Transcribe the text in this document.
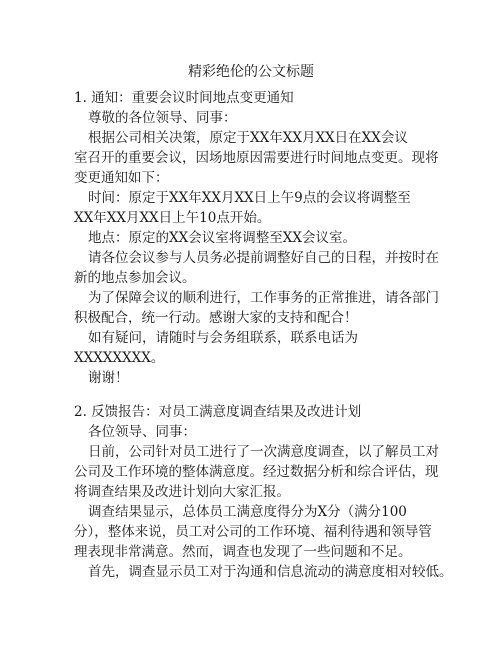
精彩绝伦的公文标题
1. 通知：重要会议时间地点变更通知
尊敬的各位领导、同事：
根据公司相关决策，原定于XX年XX月XX日在XX会议
室召开的重要会议，因场地原因需要进行时间地点变更。现将
变更通知如下：
时间：原定于XX年XX月XX日上午9点的会议将调整至
XX年XX月XX日上午10点开始。
地点：原定的XX会议室将调整至XX会议室。
请各位会议参与人员务必提前调整好自己的日程，并按时在
新的地点参加会议。
为了保障会议的顺利进行，工作事务的正常推进，请各部门
积极配合，统一行动。感谢大家的支持和配合！
如有疑问，请随时与会务组联系，联系电话为
XXXXXXXX。
谢谢！
2. 反馈报告：对员工满意度调查结果及改进计划
各位领导、同事：
日前，公司针对员工进行了一次满意度调查，以了解员工对
公司及工作环境的整体满意度。经过数据分析和综合评估，现
将调查结果及改进计划向大家汇报。
调查结果显示，总体员工满意度得分为X分（满分100
分），整体来说，员工对公司的工作环境、福利待遇和领导管
理表现非常满意。然而，调查也发现了一些问题和不足。
首先，调查显示员工对于沟通和信息流动的满意度相对较低。
